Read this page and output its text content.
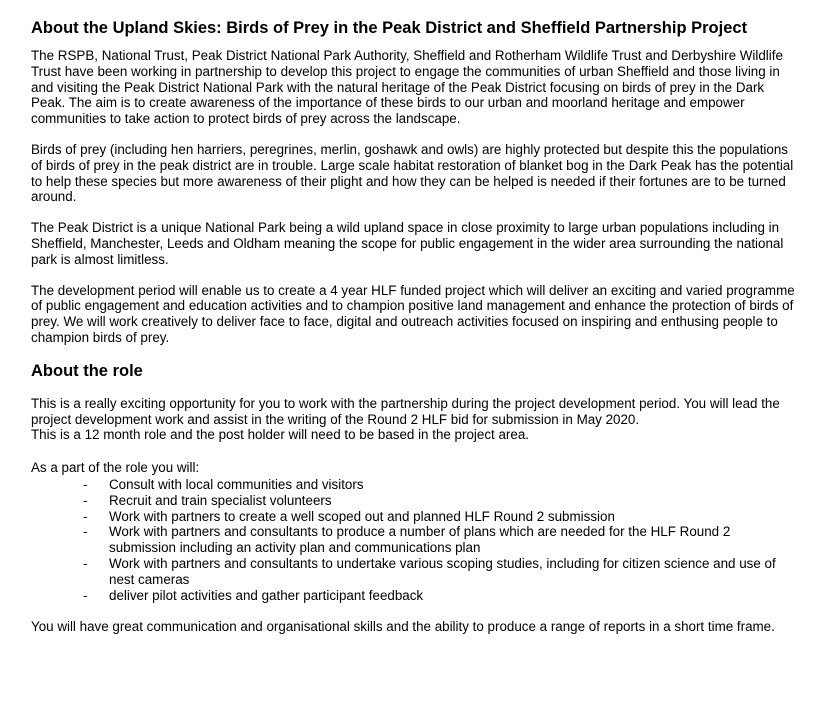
About the Upland Skies: Birds of Prey in the Peak District and Sheffield Partnership Project

The RSPB, National Trust, Peak District National Park Authority, Sheffield and Rotherham Wildlife Trust and Derbyshire Wildlife Trust have been working in partnership to develop this project to engage the communities of urban Sheffield and those living in and visiting the Peak District National Park with the natural heritage of the Peak District focusing on birds of prey in the Dark Peak. The aim is to create awareness of the importance of these birds to our urban and moorland heritage and empower communities to take action to protect birds of prey across the landscape.

Birds of prey (including hen harriers, peregrines, merlin, goshawk and owls) are highly protected but despite this the populations of birds of prey in the peak district are in trouble. Large scale habitat restoration of blanket bog in the Dark Peak has the potential to help these species but more awareness of their plight and how they can be helped is needed if their fortunes are to be turned around.

The Peak District is a unique National Park being a wild upland space in close proximity to large urban populations including in Sheffield, Manchester, Leeds and Oldham meaning the scope for public engagement in the wider area surrounding the national park is almost limitless.

The development period will enable us to create a 4 year HLF funded project which will deliver an exciting and varied programme of public engagement and education activities and to champion positive land management and enhance the protection of birds of prey. We will work creatively to deliver face to face, digital and outreach activities focused on inspiring and enthusing people to champion birds of prey.

About the role

This is a really exciting opportunity for you to work with the partnership during the project development period. You will lead the project development work and assist in the writing of the Round 2 HLF bid for submission in May 2020.
This is a 12 month role and the post holder will need to be based in the project area.

As a part of the role you will:

- Consult with local communities and visitors
- Recruit and train specialist volunteers
- Work with partners to create a well scoped out and planned HLF Round 2 submission
- Work with partners and consultants to produce a number of plans which are needed for the HLF Round 2 submission including an activity plan and communications plan
- Work with partners and consultants to undertake various scoping studies, including for citizen science and use of nest cameras
- deliver pilot activities and gather participant feedback

You will have great communication and organisational skills and the ability to produce a range of reports in a short time frame.
